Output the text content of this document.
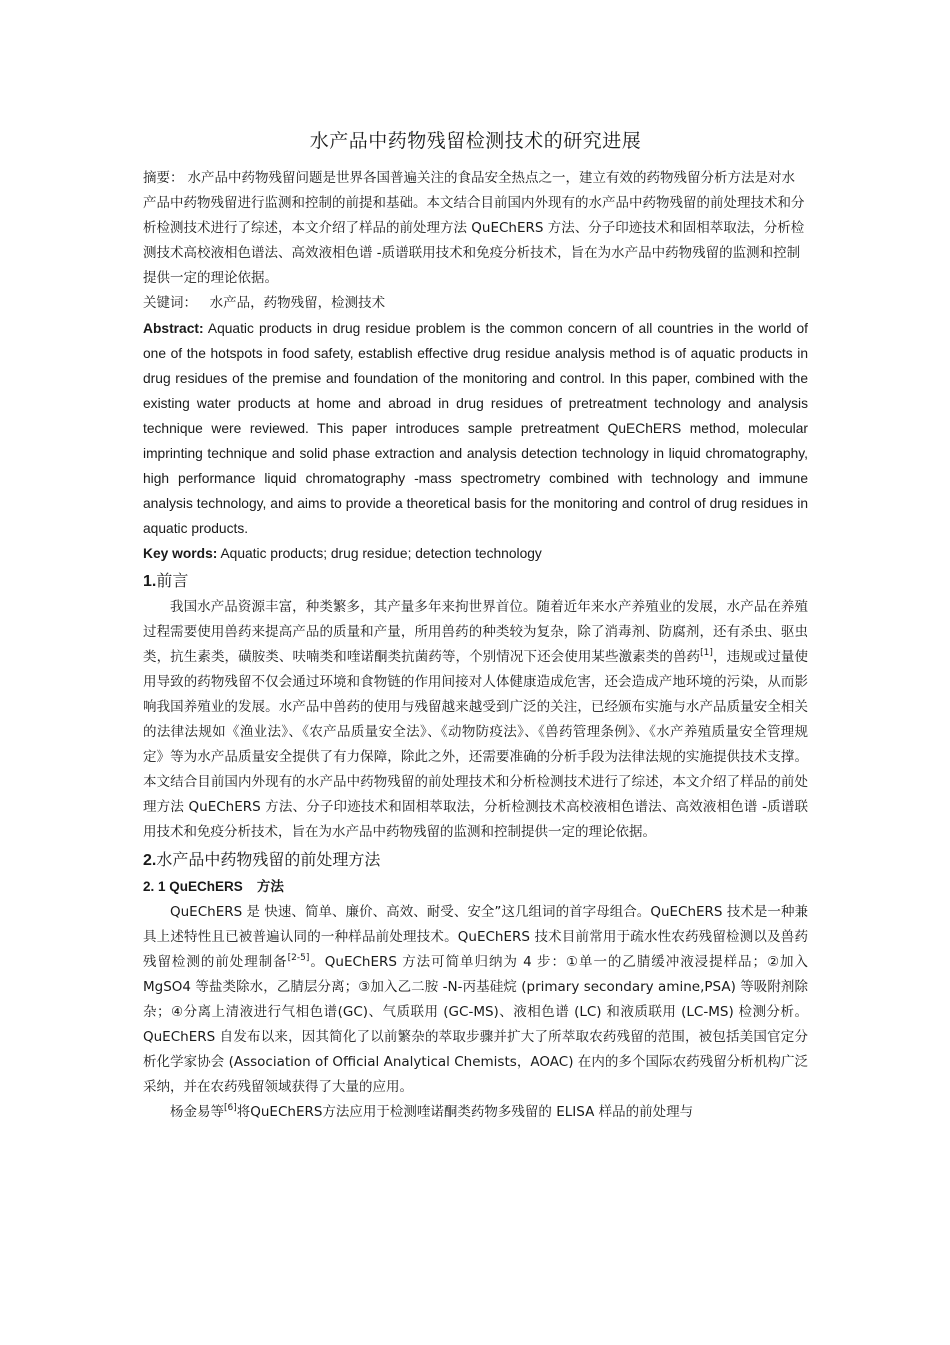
水产品中药物残留检测技术的研究进展

摘要： 水产品中药物残留问题是世界各国普遍关注的食品安全热点之一，建立有效的药物残留分析方法是对水产品中药物残留进行监测和控制的前提和基础。本文结合目前国内外现有的水产品中药物残留的前处理技术和分析检测技术进行了综述，本文介绍了样品的前处理方法 QuEChERS 方法、分子印迹技术和固相萃取法，分析检测技术高校液相色谱法、高效液相色谱 -质谱联用技术和免疫分析技术，旨在为水产品中药物残留的监测和控制提供一定的理论依据。

关键词： 水产品，药物残留，检测技术

Abstract: Aquatic products in drug residue problem is the common concern of all countries in the world of one of the hotspots in food safety, establish effective drug residue analysis method is of aquatic products in drug residues of the premise and foundation of the monitoring and control. In this paper, combined with the existing water products at home and abroad in drug residues of pretreatment technology and analysis technique were reviewed. This paper introduces sample pretreatment QuEChERS method, molecular imprinting technique and solid phase extraction and analysis detection technology in liquid chromatography, high performance liquid chromatography -mass spectrometry combined with technology and immune analysis technology, and aims to provide a theoretical basis for the monitoring and control of drug residues in aquatic products.

Key words: Aquatic products; drug residue; detection technology

1.前言

我国水产品资源丰富，种类繁多，其产量多年来拘世界首位。随着近年来水产养殖业的发展，水产品在养殖过程需要使用兽药来提高产品的质量和产量，所用兽药的种类较为复杂，除了消毒剂、防腐剂，还有杀虫、驱虫类，抗生素类，磺胺类、呋喃类和喹诺酮类抗菌药等，个别情况下还会使用某些激素类的兽药[1]，违规或过量使用导致的药物残留不仅会通过环境和食物链的作用间接对人体健康造成危害，还会造成产地环境的污染，从而影响我国养殖业的发展。水产品中兽药的使用与残留越来越受到广泛的关注，已经颁布实施与水产品质量安全相关的法律法规如《渔业法》、《农产品质量安全法》、《动物防疫法》、《兽药管理条例》、《水产养殖质量安全管理规定》等为水产品质量安全提供了有力保障，除此之外，还需要准确的分析手段为法律法规的实施提供技术支撑。本文结合目前国内外现有的水产品中药物残留的前处理技术和分析检测技术进行了综述，本文介绍了样品的前处理方法 QuEChERS 方法、分子印迹技术和固相萃取法，分析检测技术高校液相色谱法、高效液相色谱 -质谱联用技术和免疫分析技术，旨在为水产品中药物残留的监测和控制提供一定的理论依据。

2.水产品中药物残留的前处理方法
2. 1 QuEChERS 方法

QuEChERS 是 快速、简单、廉价、高效、耐受、安全”这几组词的首字母组合。QuEChERS 技术是一种兼具上述特性且已被普遍认同的一种样品前处理技术。QuEChERS 技术目前常用于疏水性农药残留检测以及兽药残留检测的前处理制备[2-5]。QuEChERS 方法可简单归纳为 4 步：①单一的乙腈缓冲液浸提样品；②加入 MgSO4 等盐类除水，乙腈层分离；③加入乙二胺 -N-丙基硅烷 (primary secondary amine,PSA) 等吸附剂除杂；④分离上清液进行气相色谱(GC)、气质联用 (GC-MS)、液相色谱 (LC) 和液质联用 (LC-MS) 检测分析。QuEChERS 自发布以来，因其简化了以前繁杂的萃取步骤并扩大了所萃取农药残留的范围，被包括美国官定分析化学家协会 (Association of Official Analytical Chemists，AOAC) 在内的多个国际农药残留分析机构广泛采纳，并在农药残留领域获得了大量的应用。

杨金易等[6]将QuEChERS方法应用于检测喹诺酮类药物多残留的 ELISA 样品的前处理与
